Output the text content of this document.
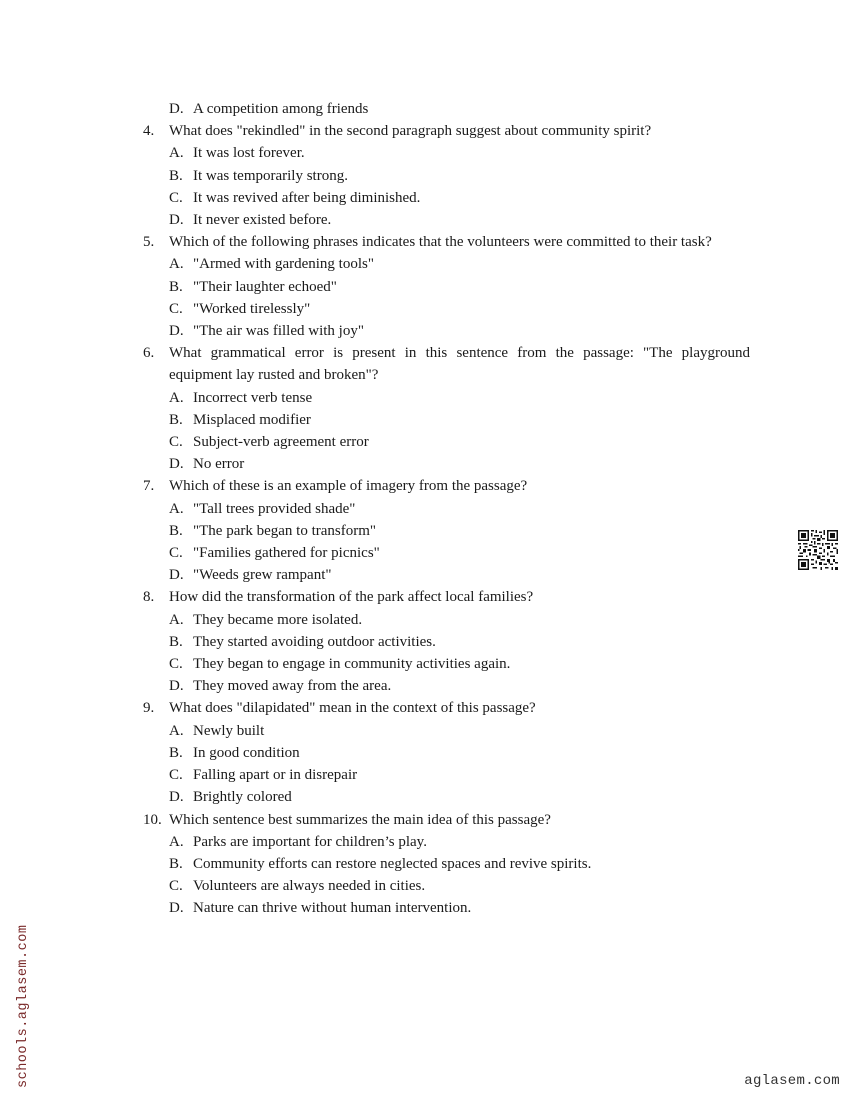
D. A competition among friends
4. What does "rekindled" in the second paragraph suggest about community spirit?
A. It was lost forever.
B. It was temporarily strong.
C. It was revived after being diminished.
D. It never existed before.
5. Which of the following phrases indicates that the volunteers were committed to their task?
A. "Armed with gardening tools"
B. "Their laughter echoed"
C. "Worked tirelessly"
D. "The air was filled with joy"
6. What grammatical error is present in this sentence from the passage: "The playground equipment lay rusted and broken"?
A. Incorrect verb tense
B. Misplaced modifier
C. Subject-verb agreement error
D. No error
7. Which of these is an example of imagery from the passage?
A. "Tall trees provided shade"
B. "The park began to transform"
C. "Families gathered for picnics"
D. "Weeds grew rampant"
8. How did the transformation of the park affect local families?
A. They became more isolated.
B. They started avoiding outdoor activities.
C. They began to engage in community activities again.
D. They moved away from the area.
9. What does "dilapidated" mean in the context of this passage?
A. Newly built
B. In good condition
C. Falling apart or in disrepair
D. Brightly colored
10. Which sentence best summarizes the main idea of this passage?
A. Parks are important for children’s play.
B. Community efforts can restore neglected spaces and revive spirits.
C. Volunteers are always needed in cities.
D. Nature can thrive without human intervention.
schools.aglasem.com	aglasem.com
